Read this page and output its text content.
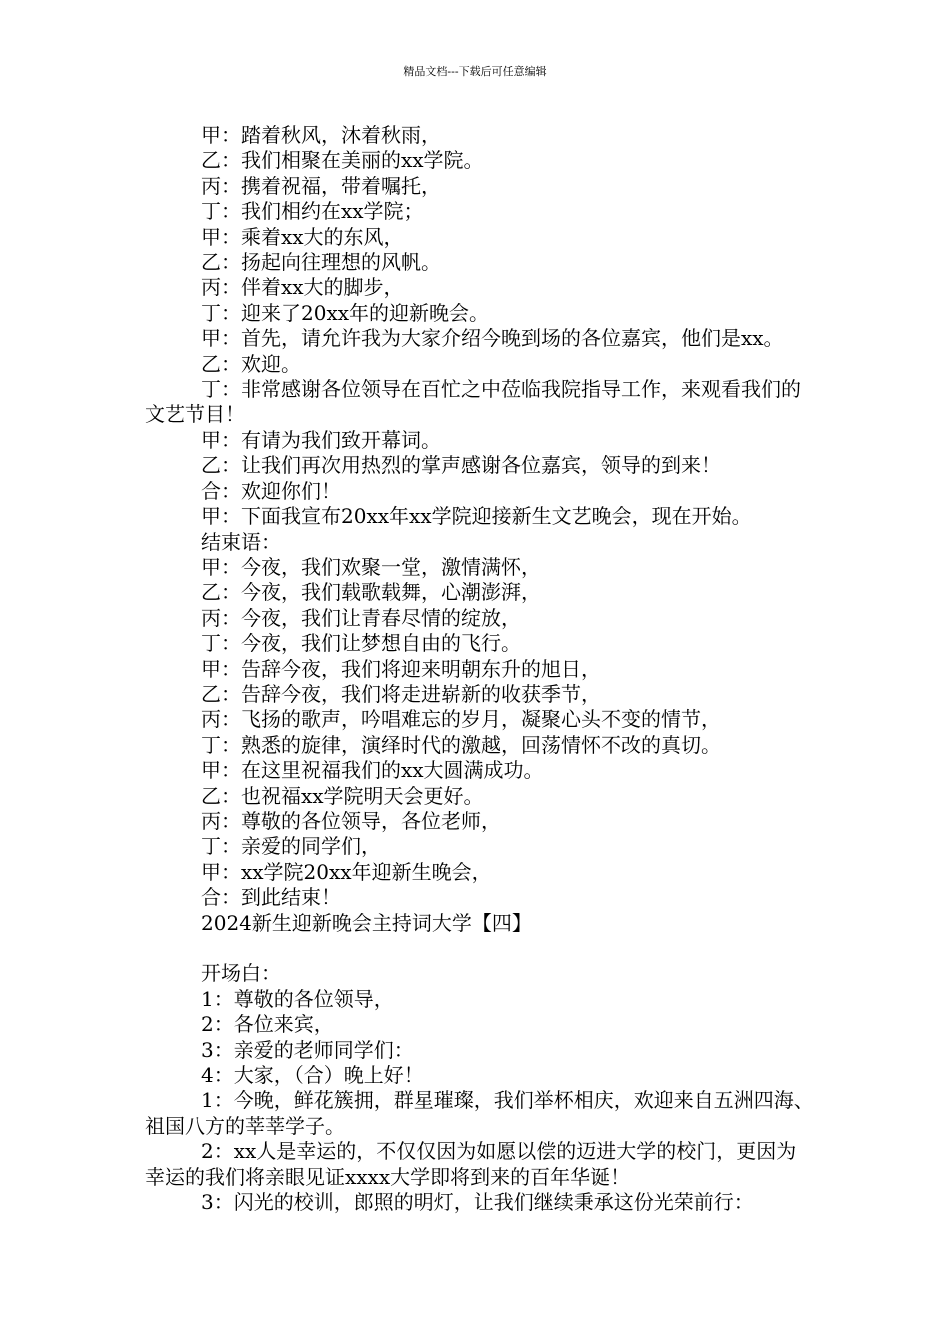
精品文档---下载后可任意编辑

甲：踏着秋风，沐着秋雨，

乙：我们相聚在美丽的xx学院。

丙：携着祝福，带着嘱托，

丁：我们相约在xx学院；

甲：乘着xx大的东风，

乙：扬起向往理想的风帆。

丙：伴着xx大的脚步，

丁：迎来了20xx年的迎新晚会。

甲：首先，请允许我为大家介绍今晚到场的各位嘉宾，他们是xx。

乙：欢迎。

丁：非常感谢各位领导在百忙之中莅临我院指导工作，来观看我们的文艺节目！

甲：有请为我们致开幕词。

乙：让我们再次用热烈的掌声感谢各位嘉宾，领导的到来！

合：欢迎你们！

甲：下面我宣布20xx年xx学院迎接新生文艺晚会，现在开始。

结束语：

甲：今夜，我们欢聚一堂，激情满怀，

乙：今夜，我们载歌载舞，心潮澎湃，

丙：今夜，我们让青春尽情的绽放，

丁：今夜，我们让梦想自由的飞行。

甲：告辞今夜，我们将迎来明朝东升的旭日，

乙：告辞今夜，我们将走进崭新的收获季节，

丙：飞扬的歌声，吟唱难忘的岁月，凝聚心头不变的情节，

丁：熟悉的旋律，演绎时代的激越，回荡情怀不改的真切。

甲：在这里祝福我们的xx大圆满成功。

乙：也祝福xx学院明天会更好。

丙：尊敬的各位领导，各位老师，

丁：亲爱的同学们，

甲：xx学院20xx年迎新生晚会，

合：到此结束！

2024新生迎新晚会主持词大学【四】

开场白：

1：尊敬的各位领导，

2：各位来宾，

3：亲爱的老师同学们：

4：大家，（合）晚上好！

1：今晚，鲜花簇拥，群星璀璨，我们举杯相庆，欢迎来自五洲四海、祖国八方的莘莘学子。

2：xx人是幸运的，不仅仅因为如愿以偿的迈进大学的校门，更因为幸运的我们将亲眼见证xxxx大学即将到来的百年华诞！

3：闪光的校训，郎照的明灯，让我们继续秉承这份光荣前行：
